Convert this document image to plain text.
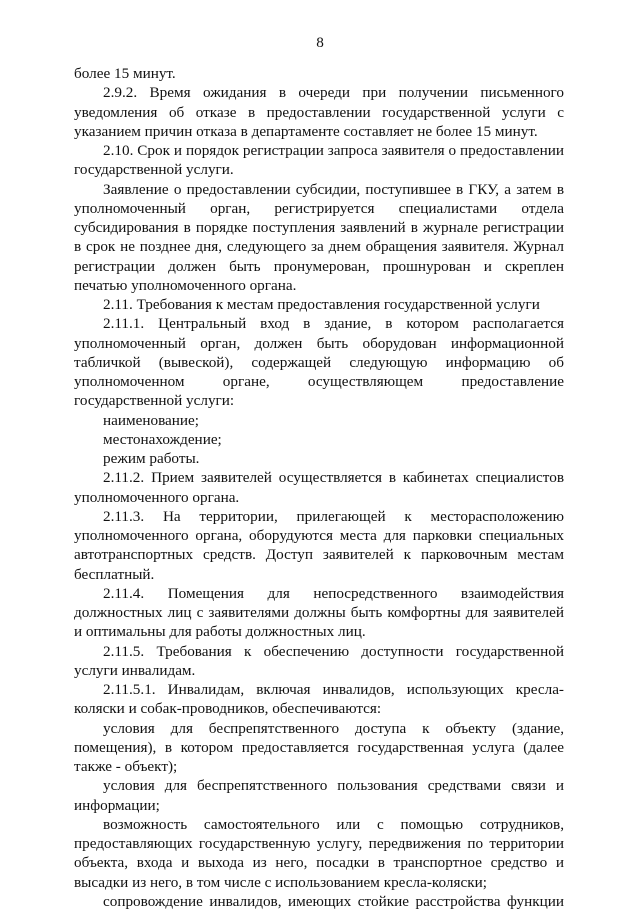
8
более 15 минут.
2.9.2. Время ожидания в очереди при получении письменного
уведомления об отказе в предоставлении государственной услуги с
указанием причин отказа в департаменте составляет не более 15 минут.
2.10. Срок и порядок регистрации запроса заявителя о предоставлении
государственной услуги.
Заявление о предоставлении субсидии, поступившее в ГКУ, а затем в
уполномоченный орган, регистрируется специалистами отдела
субсидирования в порядке поступления заявлений в журнале регистрации
в срок не позднее дня, следующего за днем обращения заявителя. Журнал
регистрации должен быть пронумерован, прошнурован и скреплен
печатью уполномоченного органа.
2.11. Требования к местам предоставления государственной услуги
2.11.1. Центральный вход в здание, в котором располагается
уполномоченный орган, должен быть оборудован информационной
табличкой (вывеской), содержащей следующую информацию об
уполномоченном органе, осуществляющем предоставление
государственной услуги:
наименование;
местонахождение;
режим работы.
2.11.2. Прием заявителей осуществляется в кабинетах специалистов
уполномоченного органа.
2.11.3. На территории, прилегающей к месторасположению
уполномоченного органа, оборудуются места для парковки специальных
автотранспортных средств. Доступ заявителей к парковочным местам
бесплатный.
2.11.4. Помещения для непосредственного взаимодействия
должностных лиц с заявителями должны быть комфортны для заявителей
и оптимальны для работы должностных лиц.
2.11.5. Требования к обеспечению доступности государственной
услуги инвалидам.
2.11.5.1. Инвалидам, включая инвалидов, использующих кресла-
коляски и собак-проводников, обеспечиваются:
условия для беспрепятственного доступа к объекту (здание,
помещения), в котором предоставляется государственная услуга (далее
также - объект);
условия для беспрепятственного пользования средствами связи и
информации;
возможность самостоятельного или с помощью сотрудников,
предоставляющих государственную услугу, передвижения по территории
объекта, входа и выхода из него, посадки в транспортное средство и
высадки из него, в том числе с использованием кресла-коляски;
сопровождение инвалидов, имеющих стойкие расстройства функции
